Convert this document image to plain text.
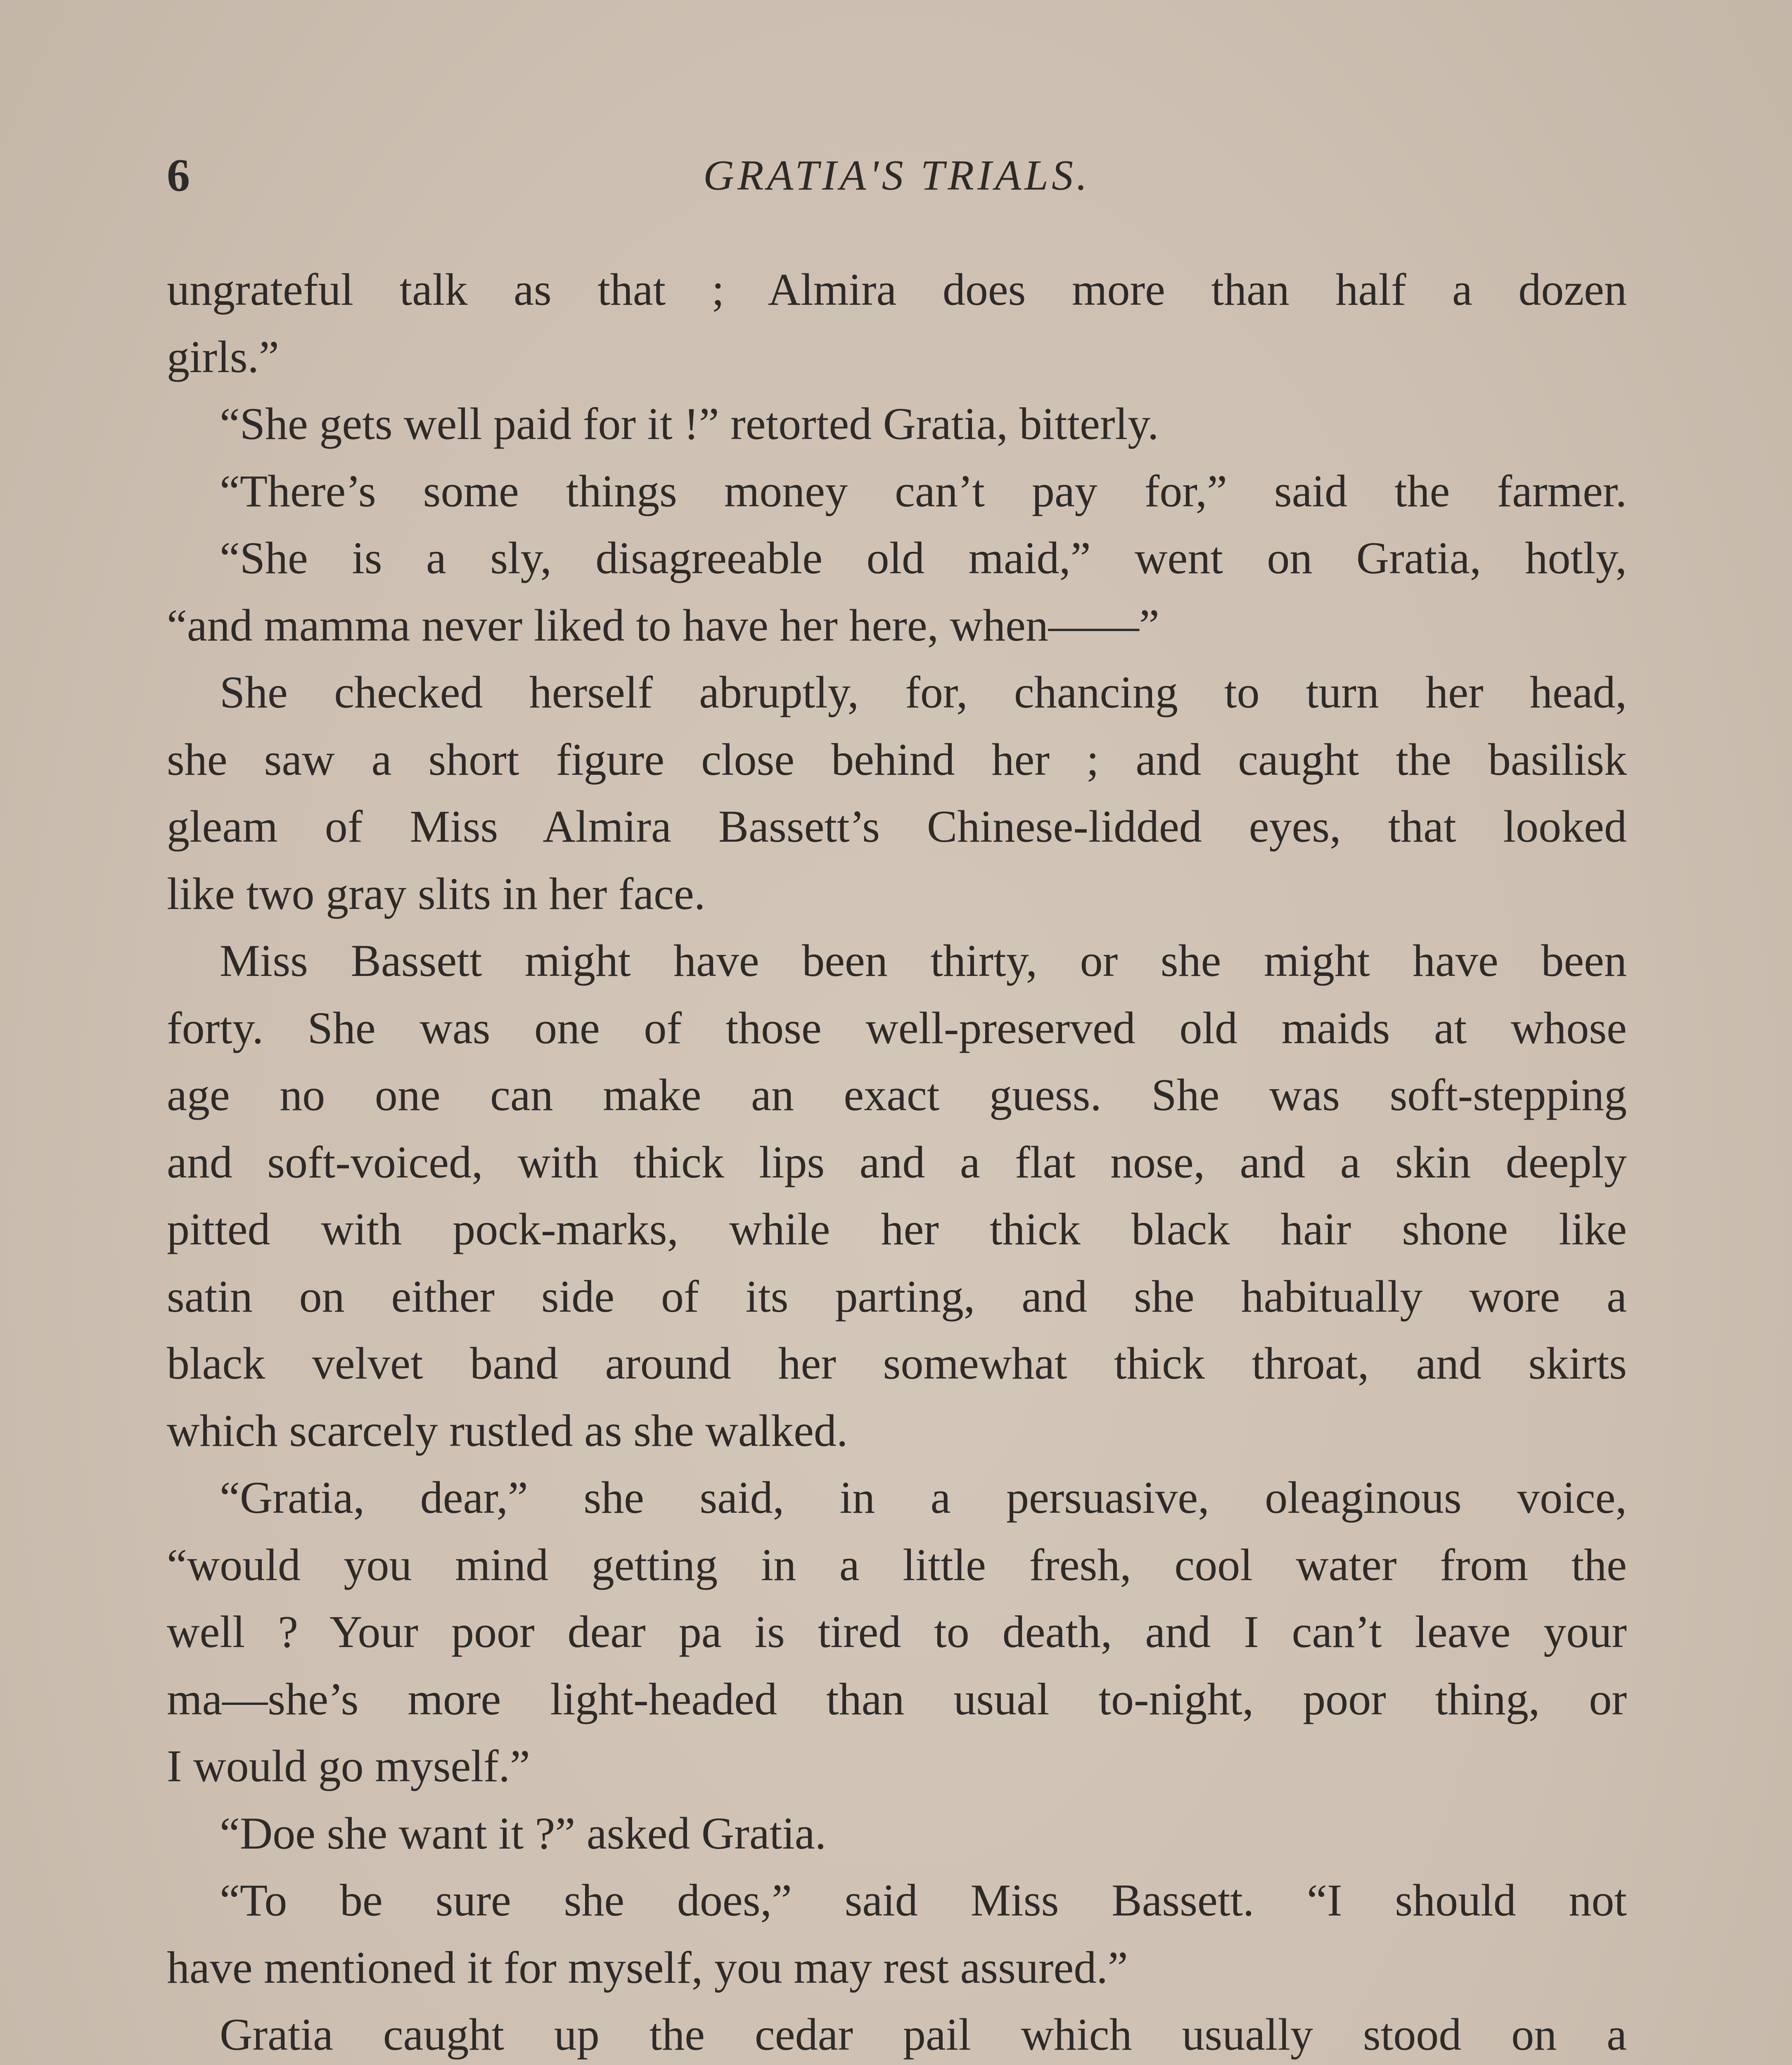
6	GRATIA'S TRIALS.

ungrateful talk as that ; Almira does more than half a dozen

girls.”

“She gets well paid for it !” retorted Gratia, bitterly.

“There’s some things money can’t pay for,” said the farmer.

“She is a sly, disagreeable old maid,” went on Gratia, hotly,

“and mamma never liked to have her here, when——”

She checked herself abruptly, for, chancing to turn her head,

she saw a short figure close behind her ; and caught the basilisk

gleam of Miss Almira Bassett’s Chinese-lidded eyes, that looked

like two gray slits in her face.

Miss Bassett might have been thirty, or she might have been

forty. She was one of those well-preserved old maids at whose

age no one can make an exact guess. She was soft-stepping

and soft-voiced, with thick lips and a flat nose, and a skin deeply

pitted with pock-marks, while her thick black hair shone like

satin on either side of its parting, and she habitually wore a

black velvet band around her somewhat thick throat, and skirts

which scarcely rustled as she walked.

“Gratia, dear,” she said, in a persuasive, oleaginous voice,

“would you mind getting in a little fresh, cool water from the

well ? Your poor dear pa is tired to death, and I can’t leave your

ma—she’s more light-headed than usual to-night, poor thing, or

I would go myself.”

“Doe she want it ?” asked Gratia.

“To be sure she does,” said Miss Bassett. “I should not

have mentioned it for myself, you may rest assured.”

Gratia caught up the cedar pail which usually stood on a
